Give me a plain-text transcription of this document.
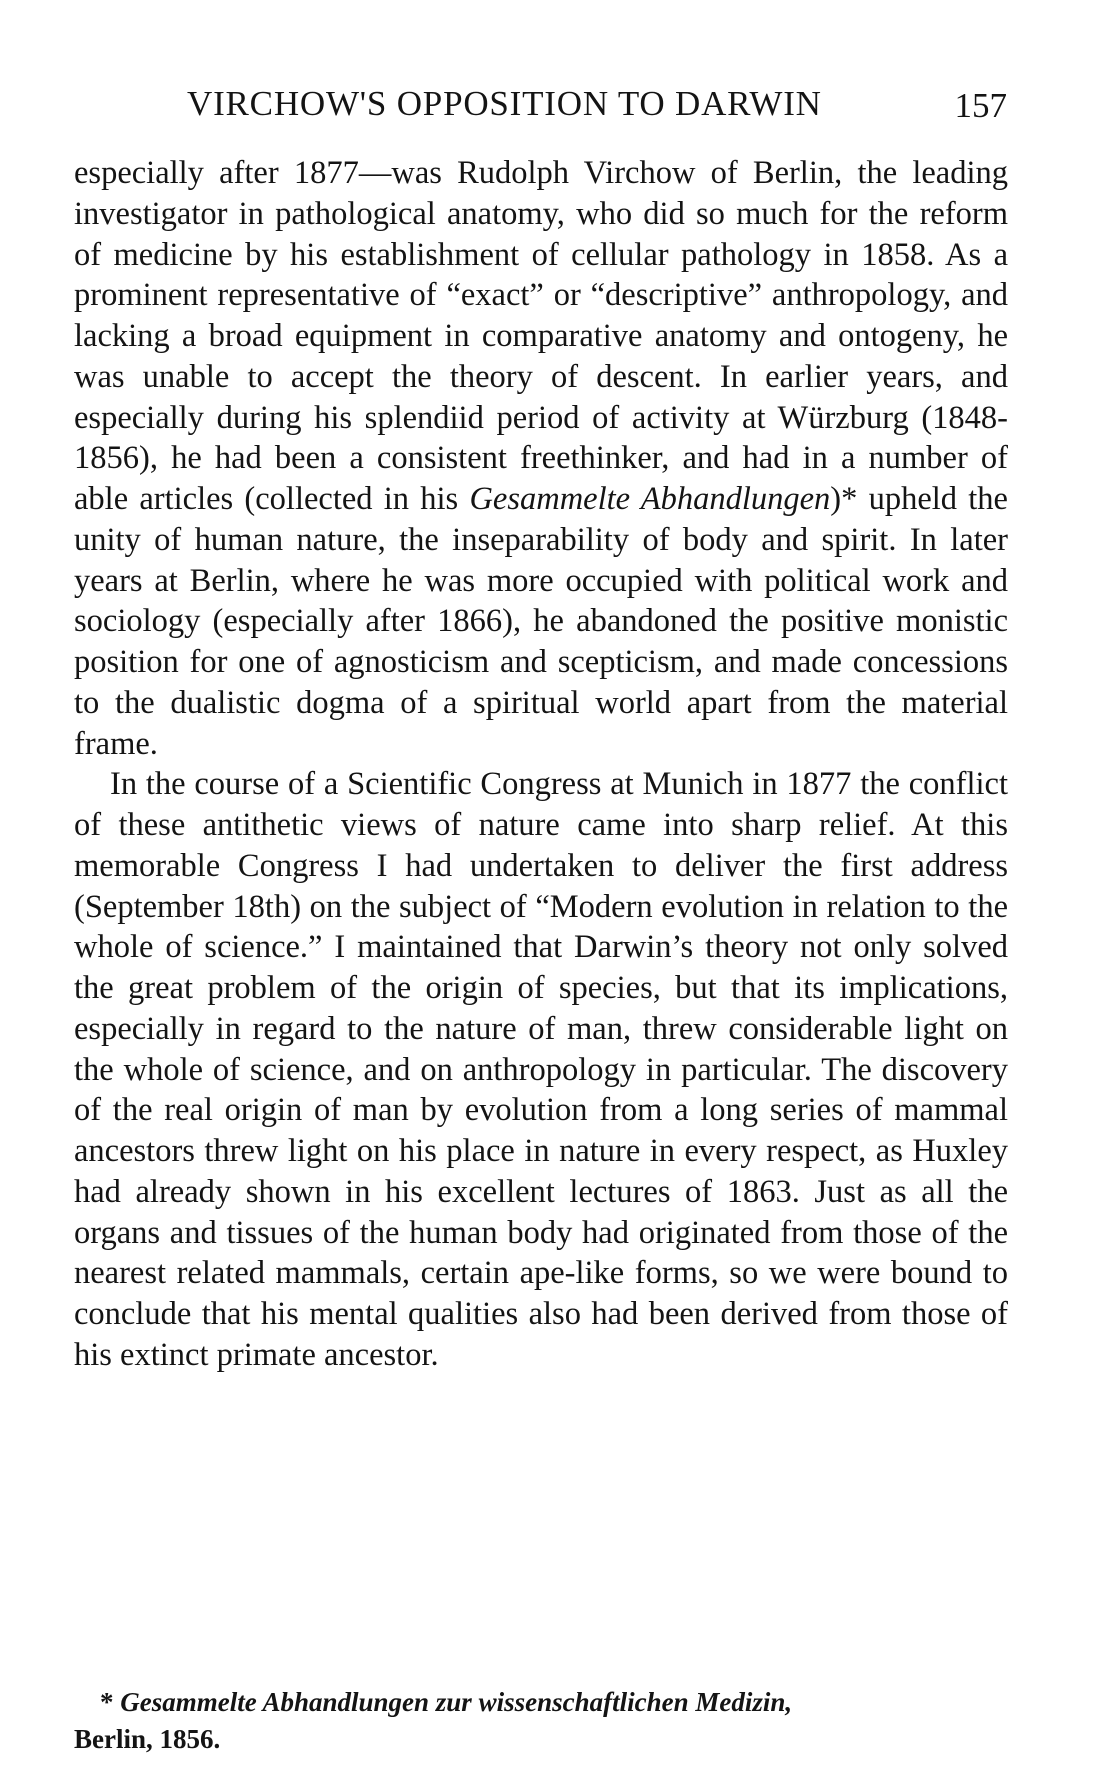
VIRCHOW'S OPPOSITION TO DARWIN	157

especially after 1877—was Rudolph Virchow of Berlin, the leading investigator in pathological anatomy, who did so much for the reform of medicine by his establishment of cellular pathology in 1858. As a prominent representative of “exact” or “descriptive” anthropology, and lacking a broad equipment in comparative anatomy and ontogeny, he was unable to accept the theory of descent. In earlier years, and especially during his splendiid period of activity at Würzburg (1848-1856), he had been a consistent freethinker, and had in a number of able articles (collected in his Gesammelte Abhandlungen)* upheld the unity of human nature, the inseparability of body and spirit. In later years at Berlin, where he was more occupied with political work and sociology (especially after 1866), he abandoned the positive monistic position for one of agnosticism and scepticism, and made concessions to the dualistic dogma of a spiritual world apart from the material frame.

In the course of a Scientific Congress at Munich in 1877 the conflict of these antithetic views of nature came into sharp relief. At this memorable Congress I had undertaken to deliver the first address (September 18th) on the subject of “Modern evolution in relation to the whole of science.” I maintained that Darwin’s theory not only solved the great problem of the origin of species, but that its implications, especially in regard to the nature of man, threw considerable light on the whole of science, and on anthropology in particular. The discovery of the real origin of man by evolution from a long series of mammal ancestors threw light on his place in nature in every respect, as Huxley had already shown in his excellent lectures of 1863. Just as all the organs and tissues of the human body had originated from those of the nearest related mammals, certain ape-like forms, so we were bound to conclude that his mental qualities also had been derived from those of his extinct primate ancestor.

* Gesammelte Abhandlungen zur wissenschaftlichen Medizin,
Berlin, 1856.
